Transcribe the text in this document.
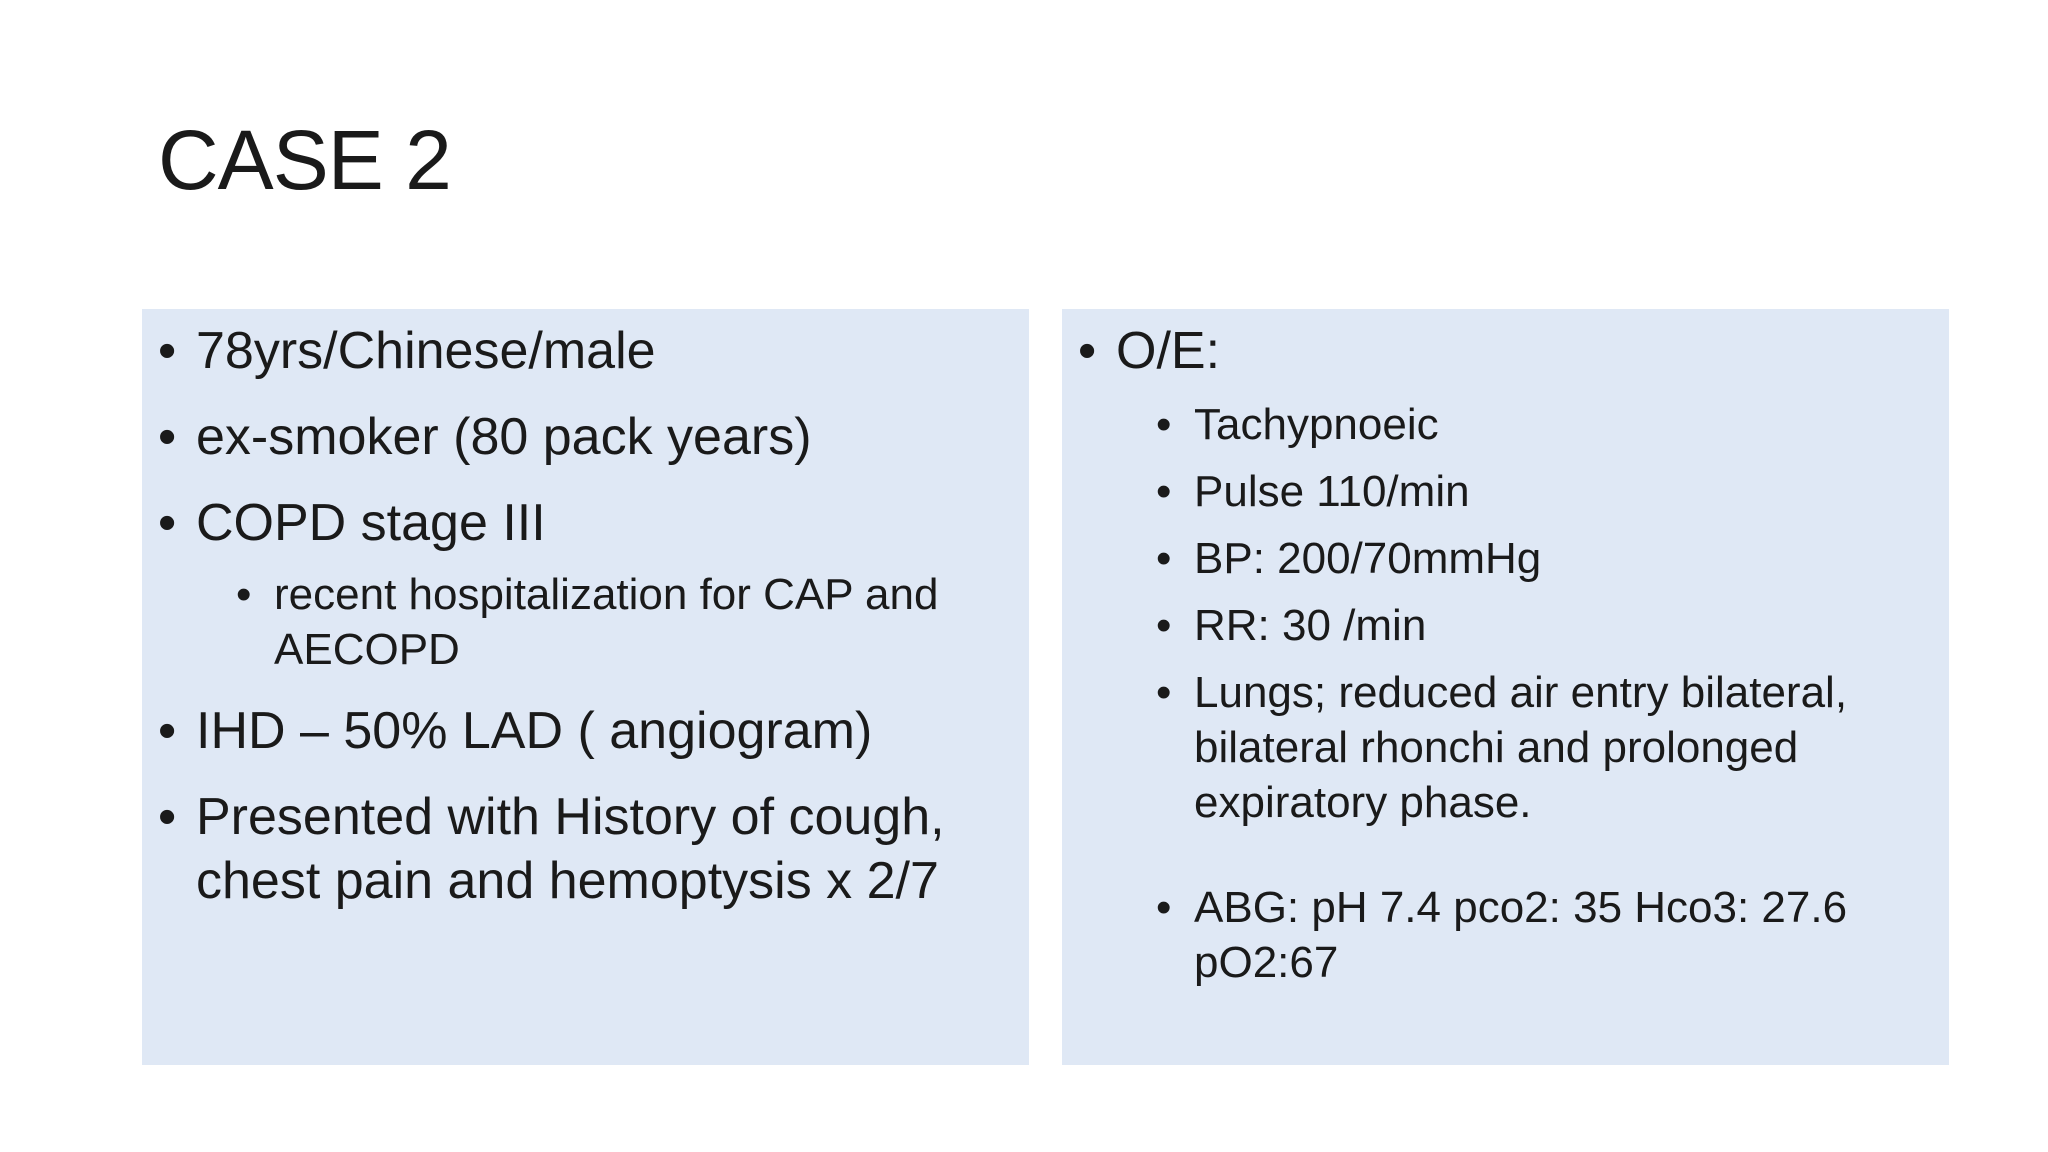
CASE 2
• 78yrs/Chinese/male
• ex-smoker (80 pack years)
• COPD stage III
• recent hospitalization for CAP and AECOPD
• IHD – 50% LAD ( angiogram)
• Presented with History of cough, chest pain and hemoptysis x 2/7
• O/E:
• Tachypnoeic
• Pulse 110/min
• BP: 200/70mmHg
• RR: 30 /min
• Lungs; reduced air entry bilateral, bilateral rhonchi and prolonged expiratory phase.
• ABG: pH 7.4 pco2: 35 Hco3: 27.6 pO2:67
